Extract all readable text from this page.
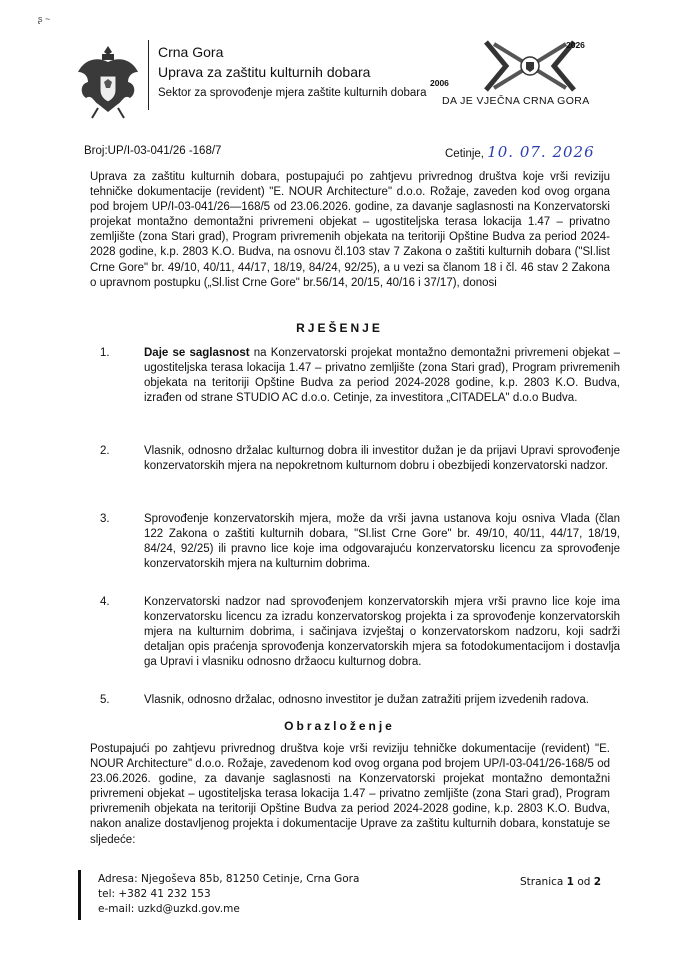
ʂ ~
Crna Gora
Uprava za zaštitu kulturnih dobara
Sektor za sprovođenje mjera zaštite kulturnih dobara
2006
2026
DA JE VJEČNA CRNA GORA
Broj:UP/I-03-041/26 -168/7	Cetinje, 10. 07. 2026
Uprava za zaštitu kulturnih dobara, postupajući po zahtjevu privrednog društva koje vrši reviziju tehničke dokumentacije (revident) "E. NOUR Architecture" d.o.o. Rožaje, zaveden kod ovog organa pod brojem UP/I-03-041/26—168/5 od 23.06.2026. godine, za davanje saglasnosti na Konzervatorski projekat montažno demontažni privremeni objekat – ugostiteljska terasa lokacija 1.47 – privatno zemljište (zona Stari grad), Program privremenih objekata na teritoriji Opštine Budva za period 2024-2028 godine, k.p. 2803 K.O. Budva, na osnovu čl.103 stav 7 Zakona o zaštiti kulturnih dobara ("Sl.list Crne Gore" br. 49/10, 40/11, 44/17, 18/19, 84/24, 92/25), a u vezi sa članom 18 i čl. 46 stav 2 Zakona o upravnom postupku („Sl.list Crne Gore" br.56/14, 20/15, 40/16 i 37/17), donosi
RJEŠENJE
1.	Daje se saglasnost na Konzervatorski projekat montažno demontažni privremeni objekat – ugostiteljska terasa lokacija 1.47 – privatno zemljište (zona Stari grad), Program privremenih objekata na teritoriji Opštine Budva za period 2024-2028 godine, k.p. 2803 K.O. Budva, izrađen od strane STUDIO AC d.o.o. Cetinje, za investitora „CITADELA" d.o.o Budva.
2.	Vlasnik, odnosno držalac kulturnog dobra ili investitor dužan je da prijavi Upravi sprovođenje konzervatorskih mjera na nepokretnom kulturnom dobru i obezbijedi konzervatorski nadzor.
3.	Sprovođenje konzervatorskih mjera, može da vrši javna ustanova koju osniva Vlada (član 122 Zakona o zaštiti kulturnih dobara, "Sl.list Crne Gore" br. 49/10, 40/11, 44/17, 18/19, 84/24, 92/25) ili pravno lice koje ima odgovarajuću konzervatorsku licencu za sprovođenje konzervatorskih mjera na kulturnim dobrima.
4.	Konzervatorski nadzor nad sprovođenjem konzervatorskih mjera vrši pravno lice koje ima konzervatorsku licencu za izradu konzervatorskog projekta i za sprovođenje konzervatorskih mjera na kulturnim dobrima, i sačinjava izvještaj o konzervatorskom nadzoru, koji sadrži detaljan opis praćenja sprovođenja konzervatorskih mjera sa fotodokumentacijom i dostavlja ga Upravi i vlasniku odnosno držaocu kulturnog dobra.
5.	Vlasnik, odnosno držalac, odnosno investitor je dužan zatražiti prijem izvedenih radova.
Obrazloženje
Postupajući po zahtjevu privrednog društva koje vrši reviziju tehničke dokumentacije (revident) "E. NOUR Architecture" d.o.o. Rožaje, zavedenom kod ovog organa pod brojem UP/I-03-041/26-168/5 od 23.06.2026. godine, za davanje saglasnosti na Konzervatorski projekat montažno demontažni privremeni objekat – ugostiteljska terasa lokacija 1.47 – privatno zemljište (zona Stari grad), Program privremenih objekata na teritoriji Opštine Budva za period 2024-2028 godine, k.p. 2803 K.O. Budva, nakon analize dostavljenog projekta i dokumentacije Uprave za zaštitu kulturnih dobara, konstatuje se sljedeće:
Adresa: Njegoševa 85b, 81250 Cetinje, Crna Gora
tel: +382 41 232 153
e-mail: uzkd@uzkd.gov.me
Stranica 1 od 2
